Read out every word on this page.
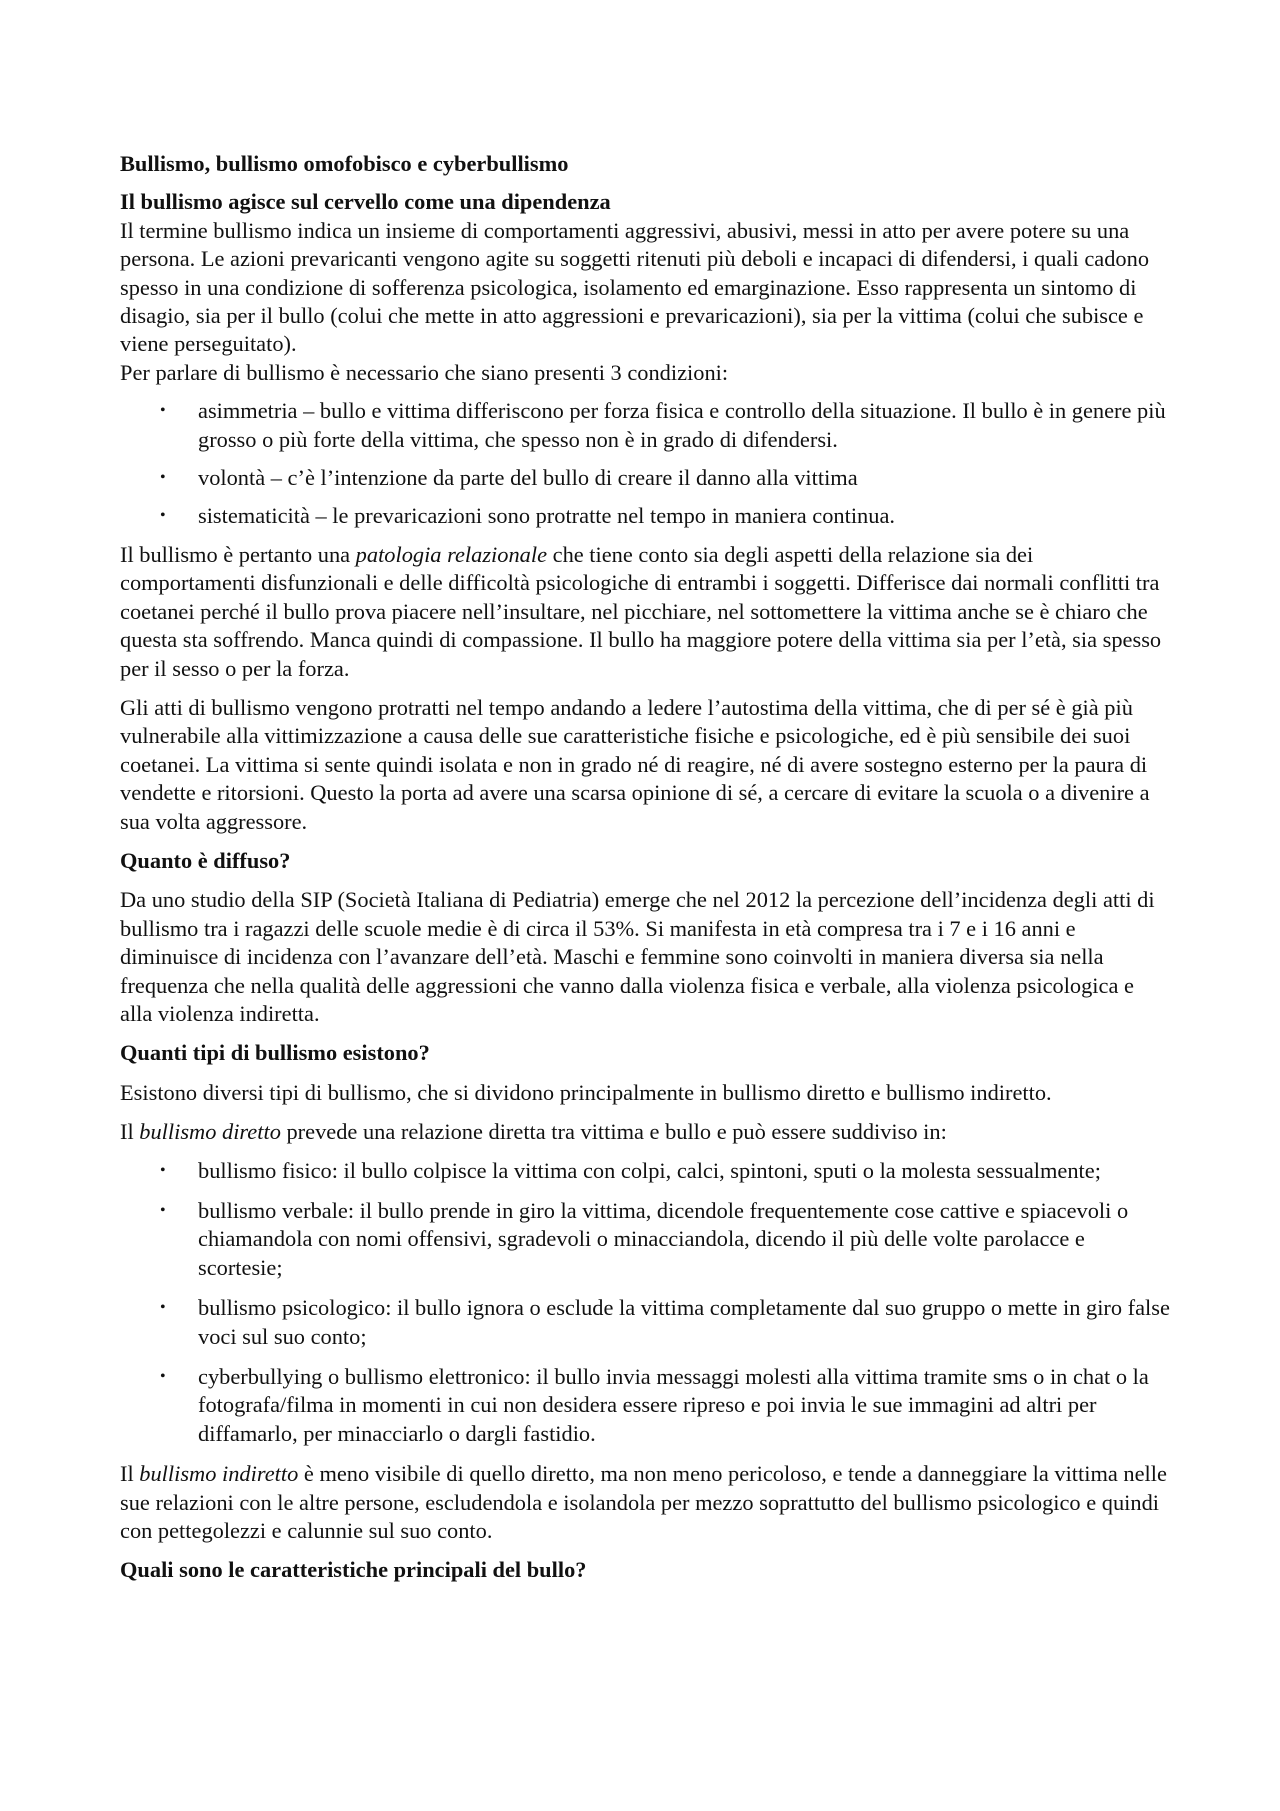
Bullismo, bullismo omofobisco e cyberbullismo

Il bullismo agisce sul cervello come una dipendenza

Il termine bullismo indica un insieme di comportamenti aggressivi, abusivi, messi in atto per avere potere su una persona. Le azioni prevaricanti vengono agite su soggetti ritenuti più deboli e incapaci di difendersi, i quali cadono spesso in una condizione di sofferenza psicologica, isolamento ed emarginazione. Esso rappresenta un sintomo di disagio, sia per il bullo (colui che mette in atto aggressioni e prevaricazioni), sia per la vittima (colui che subisce e viene perseguitato).

Per parlare di bullismo è necessario che siano presenti 3 condizioni:

• asimmetria – bullo e vittima differiscono per forza fisica e controllo della situazione. Il bullo è in genere più grosso o più forte della vittima, che spesso non è in grado di difendersi.
• volontà – c’è l’intenzione da parte del bullo di creare il danno alla vittima
• sistematicità – le prevaricazioni sono protratte nel tempo in maniera continua.

Il bullismo è pertanto una patologia relazionale che tiene conto sia degli aspetti della relazione sia dei comportamenti disfunzionali e delle difficoltà psicologiche di entrambi i soggetti. Differisce dai normali conflitti tra coetanei perché il bullo prova piacere nell’insultare, nel picchiare, nel sottomettere la vittima anche se è chiaro che questa sta soffrendo. Manca quindi di compassione. Il bullo ha maggiore potere della vittima sia per l’età, sia spesso per il sesso o per la forza.

Gli atti di bullismo vengono protratti nel tempo andando a ledere l’autostima della vittima, che di per sé è già più vulnerabile alla vittimizzazione a causa delle sue caratteristiche fisiche e psicologiche, ed è più sensibile dei suoi coetanei. La vittima si sente quindi isolata e non in grado né di reagire, né di avere sostegno esterno per la paura di vendette e ritorsioni. Questo la porta ad avere una scarsa opinione di sé, a cercare di evitare la scuola o a divenire a sua volta aggressore.

Quanto è diffuso?

Da uno studio della SIP (Società Italiana di Pediatria) emerge che nel 2012 la percezione dell’incidenza degli atti di bullismo tra i ragazzi delle scuole medie è di circa il 53%. Si manifesta in età compresa tra i 7 e i 16 anni e diminuisce di incidenza con l’avanzare dell’età. Maschi e femmine sono coinvolti in maniera diversa sia nella frequenza che nella qualità delle aggressioni che vanno dalla violenza fisica e verbale, alla violenza psicologica e alla violenza indiretta.

Quanti tipi di bullismo esistono?

Esistono diversi tipi di bullismo, che si dividono principalmente in bullismo diretto e bullismo indiretto.

Il bullismo diretto prevede una relazione diretta tra vittima e bullo e può essere suddiviso in:

• bullismo fisico: il bullo colpisce la vittima con colpi, calci, spintoni, sputi o la molesta sessualmente;
• bullismo verbale: il bullo prende in giro la vittima, dicendole frequentemente cose cattive e spiacevoli o chiamandola con nomi offensivi, sgradevoli o minacciandola, dicendo il più delle volte parolacce e scortesie;
• bullismo psicologico: il bullo ignora o esclude la vittima completamente dal suo gruppo o mette in giro false voci sul suo conto;
• cyberbullying o bullismo elettronico: il bullo invia messaggi molesti alla vittima tramite sms o in chat o la fotografa/filma in momenti in cui non desidera essere ripreso e poi invia le sue immagini ad altri per diffamarlo, per minacciarlo o dargli fastidio.

Il bullismo indiretto è meno visibile di quello diretto, ma non meno pericoloso, e tende a danneggiare la vittima nelle sue relazioni con le altre persone, escludendola e isolandola per mezzo soprattutto del bullismo psicologico e quindi con pettegolezzi e calunnie sul suo conto.

Quali sono le caratteristiche principali del bullo?
